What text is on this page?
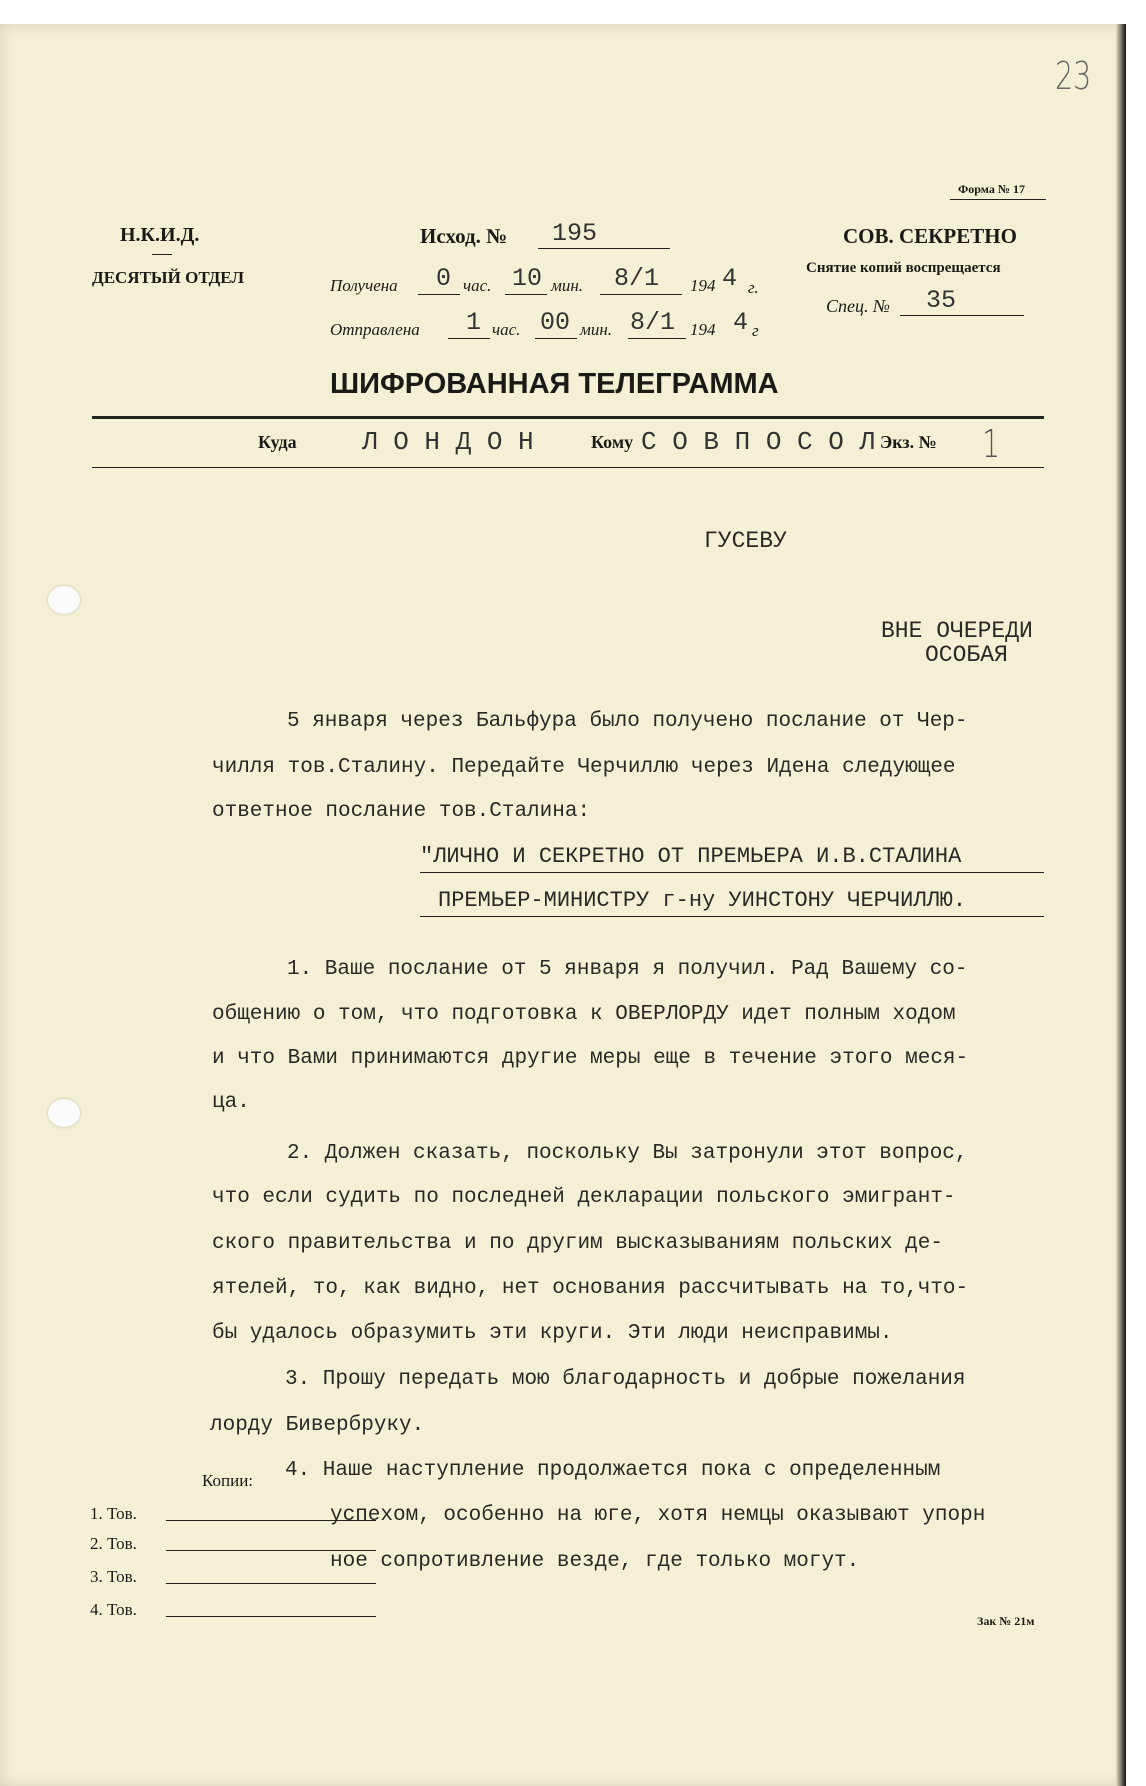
23
Форма № 17
Н.К.И.Д.
ДЕСЯТЫЙ ОТДЕЛ
Исход. № 195
Получена 0 час. 10 мин. 8/1 194 4 г.
Отправлена 1 час. 00 мин. 8/1 194 4 г
СОВ. СЕКРЕТНО
Снятие копий воспрещается
Спец. № 35
ШИФРОВАННАЯ ТЕЛЕГРАММА
Куда	Л О Н Д О Н	Кому С О В П О С О Л Экз. № 1
ГУСЕВУ
ВНЕ ОЧЕРЕДИ
ОСОБАЯ
5 января через Бальфура было получено послание от Чер-
чилля тов.Сталину. Передайте Черчиллю через Идена следующее
ответное послание тов.Сталина:
"ЛИЧНО И СЕКРЕТНО ОТ ПРЕМЬЕРА И.В.СТАЛИНА
ПРЕМЬЕР-МИНИСТРУ г-ну УИНСТОНУ ЧЕРЧИЛЛЮ.
1. Ваше послание от 5 января я получил. Рад Вашему со-
общению о том, что подготовка к ОВЕРЛОРДУ идет полным ходом
и что Вами принимаются другие меры еще в течение этого меся-
ца.
2. Должен сказать, поскольку Вы затронули этот вопрос,
что если судить по последней декларации польского эмигрант-
ского правительства и по другим высказываниям польских де-
ятелей, то, как видно, нет основания рассчитывать на то,что-
бы удалось образумить эти круги. Эти люди неисправимы.
3. Прошу передать мою благодарность и добрые пожелания
лорду Бивербруку.
4. Наше наступление продолжается пока с определенным
успехом, особенно на юге, хотя немцы оказывают упорн
ное сопротивление везде, где только могут.
Копии:
1. Тов.
2. Тов.
3. Тов.
4. Тов.
Зак № 21м
